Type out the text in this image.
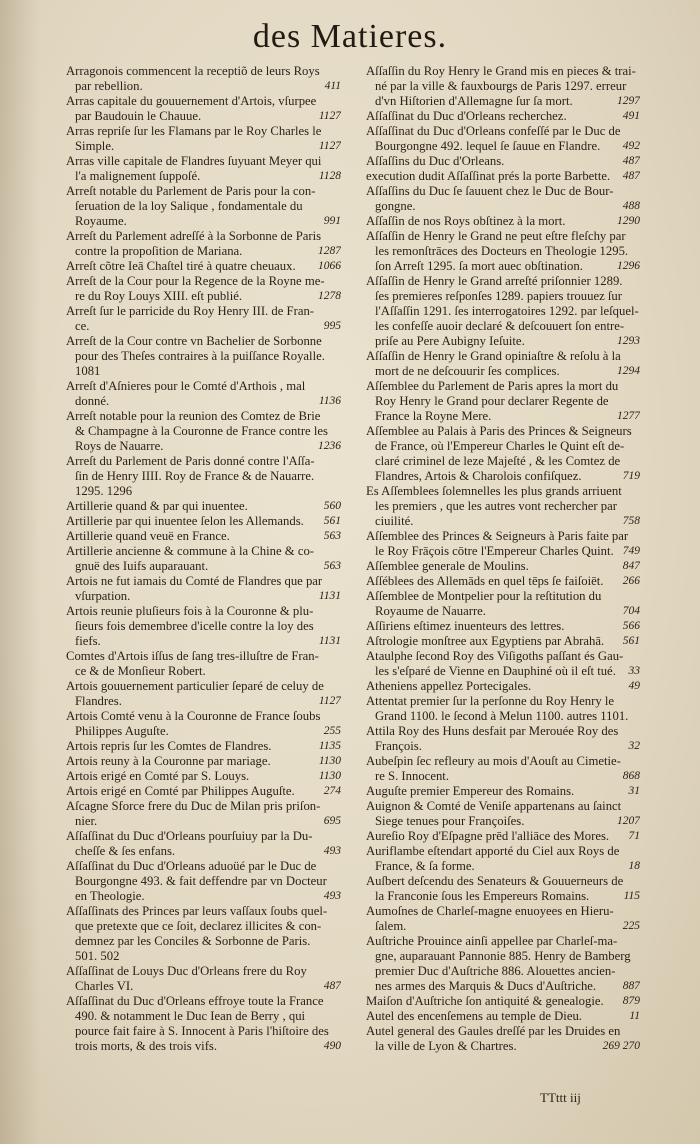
des Matieres.
Arragonois commencent la receptiõ de leurs Roys
411
par rebellion.
Arras capitale du gouuernement d'Artois, vſurpee
1127
par Baudouin le Chauue.
Arras repriſe ſur les Flamans par le Roy Charles le
1127
Simple.
Arras ville capitale de Flandres ſuyuant Meyer qui
1128
l'a malignement ſuppoſé.
Arreſt notable du Parlement de Paris pour la con-
ſeruation de la loy Salique , fondamentale du
991
Royaume.
Arreſt du Parlement adreſſé à la Sorbonne de Paris
1287
contre la propoſition de Mariana.
1066
Arreſt cõtre Ieā Chaſtel tiré à quatre cheuaux.
Arreſt de la Cour pour la Regence de la Royne me-
1278
re du Roy Louys XIII. eſt publié.
Arreſt ſur le parricide du Roy Henry III. de Fran-
995
ce.
Arreſt de la Cour contre vn Bachelier de Sorbonne
pour des Theſes contraires à la puiſſance Royalle.
1081
Arreſt d'Aſnieres pour le Comté d'Arthois , mal
1136
donné.
Arreſt notable pour la reunion des Comtez de Brie
& Champagne à la Couronne de France contre les
1236
Roys de Nauarre.
Arreſt du Parlement de Paris donné contre l'Aſſa-
ſin de Henry IIII. Roy de France & de Nauarre.
1295. 1296
560
Artillerie quand & par qui inuentee.
561
Artillerie par qui inuentee ſelon les Allemands.
563
Artillerie quand veuë en France.
Artillerie ancienne & commune à la Chine & co-
563
gnuë des Iuifs auparauant.
Artois ne fut iamais du Comté de Flandres que par
1131
vſurpation.
Artois reunie pluſieurs fois à la Couronne & plu-
ſieurs fois demembree d'icelle contre la loy des
1131
fiefs.
Comtes d'Artois iſſus de ſang tres-illuſtre de Fran-
ce & de Monſieur Robert.
Artois gouuernement particulier ſeparé de celuy de
1127
Flandres.
Artois Comté venu à la Couronne de France ſoubs
255
Philippes Auguſte.
1135
Artois repris ſur les Comtes de Flandres.
1130
Artois reuny à la Couronne par mariage.
1130
Artois erigé en Comté par S. Louys.
274
Artois erigé en Comté par Philippes Auguſte.
Aſcagne Sforce frere du Duc de Milan pris priſon-
695
nier.
Aſſaſſinat du Duc d'Orleans pourſuiuy par la Du-
493
cheſſe & ſes enfans.
Aſſaſſinat du Duc d'Orleans aduoüé par le Duc de
Bourgongne 493. & fait deffendre par vn Docteur
493
en Theologie.
Aſſaſſinats des Princes par leurs vaſſaux ſoubs quel-
que pretexte que ce ſoit, declarez illicites & con-
demnez par les Conciles & Sorbonne de Paris.
501. 502
Aſſaſſinat de Louys Duc d'Orleans frere du Roy
487
Charles VI.
Aſſaſſinat du Duc d'Orleans effroye toute la France
490. & notamment le Duc Iean de Berry , qui
pource fait faire à S. Innocent à Paris l'hiſtoire des
490
trois morts, & des trois vifs.
Aſſaſſin du Roy Henry le Grand mis en pieces & trai-
né par la ville & fauxbourgs de Paris 1297. erreur
1297
d'vn Hiſtorien d'Allemagne ſur ſa mort.
491
Aſſaſſinat du Duc d'Orleans recherchez.
Aſſaſſinat du Duc d'Orleans confeſſé par le Duc de
492
Bourgongne 492. lequel ſe ſauue en Flandre.
487
Aſſaſſins du Duc d'Orleans.
487
execution dudit Aſſaſſinat prés la porte Barbette.
Aſſaſſins du Duc ſe ſauuent chez le Duc de Bour-
488
gongne.
1290
Aſſaſſin de nos Roys obſtinez à la mort.
Aſſaſſin de Henry le Grand ne peut eſtre fleſchy par
les remonſtrāces des Docteurs en Theologie 1295.
1296
ſon Arreſt 1295. ſa mort auec obſtination.
Aſſaſſin de Henry le Grand arreſté priſonnier 1289.
ſes premieres reſponſes 1289. papiers trouuez ſur
l'Aſſaſſin 1291. ſes interrogatoires 1292. par leſquel-
les confeſſe auoir declaré & deſcouuert ſon entre-
1293
priſe au Pere Aubigny Ieſuite.
Aſſaſſin de Henry le Grand opiniaſtre & reſolu à la
1294
mort de ne deſcouurir ſes complices.
Aſſemblee du Parlement de Paris apres la mort du
Roy Henry le Grand pour declarer Regente de
1277
France la Royne Mere.
Aſſemblee au Palais à Paris des Princes & Seigneurs
de France, où l'Empereur Charles le Quint eſt de-
claré criminel de leze Majeſté , & les Comtez de
719
Flandres, Artois & Charolois confiſquez.
Es Aſſemblees ſolemnelles les plus grands arriuent
les premiers , que les autres vont rechercher par
758
ciuilité.
Aſſemblee des Princes & Seigneurs à Paris faite par
749
le Roy Frāçois cōtre l'Empereur Charles Quint.
847
Aſſemblee generale de Moulins.
266
Aſſéblees des Allemāds en quel tēps ſe faiſoiēt.
Aſſemblee de Montpelier pour la reſtitution du
704
Royaume de Nauarre.
566
Aſſiriens eſtimez inuenteurs des lettres.
561
Aſtrologie monſtree aux Egyptiens par Abrahā.
Ataulphe ſecond Roy des Viſigoths paſſant és Gau-
33
les s'eſparé de Vienne en Dauphiné où il eſt tué.
49
Atheniens appellez Portecigales.
Attentat premier ſur la perſonne du Roy Henry le
Grand 1100. le ſecond à Melun 1100. autres 1101.
Attila Roy des Huns desfait par Merouée Roy des
32
François.
Aubeſpin ſec refleury au mois d'Aouſt au Cimetie-
868
re S. Innocent.
31
Auguſte premier Empereur des Romains.
Auignon & Comté de Veniſe appartenans au ſainct
1207
Siege tenues pour Françoiſes.
71
Aureſio Roy d'Eſpagne prēd l'alliāce des Mores.
Auriflambe eſtendart apporté du Ciel aux Roys de
18
France, & ſa forme.
Auſbert deſcendu des Senateurs & Gouuerneurs de
115
la Franconie ſous les Empereurs Romains.
Aumoſnes de Charleſ-magne enuoyees en Hieru-
225
ſalem.
Auſtriche Prouince ainſi appellee par Charleſ-ma-
gne, auparauant Pannonie 885. Henry de Bamberg
premier Duc d'Auſtriche 886. Alouettes ancien-
887
nes armes des Marquis & Ducs d'Auſtriche.
879
Maiſon d'Auſtriche ſon antiquité & genealogie.
11
Autel des encenſemens au temple de Dieu.
Autel general des Gaules dreſſé par les Druides en
269 270
la ville de Lyon & Chartres.
TTttt iij
